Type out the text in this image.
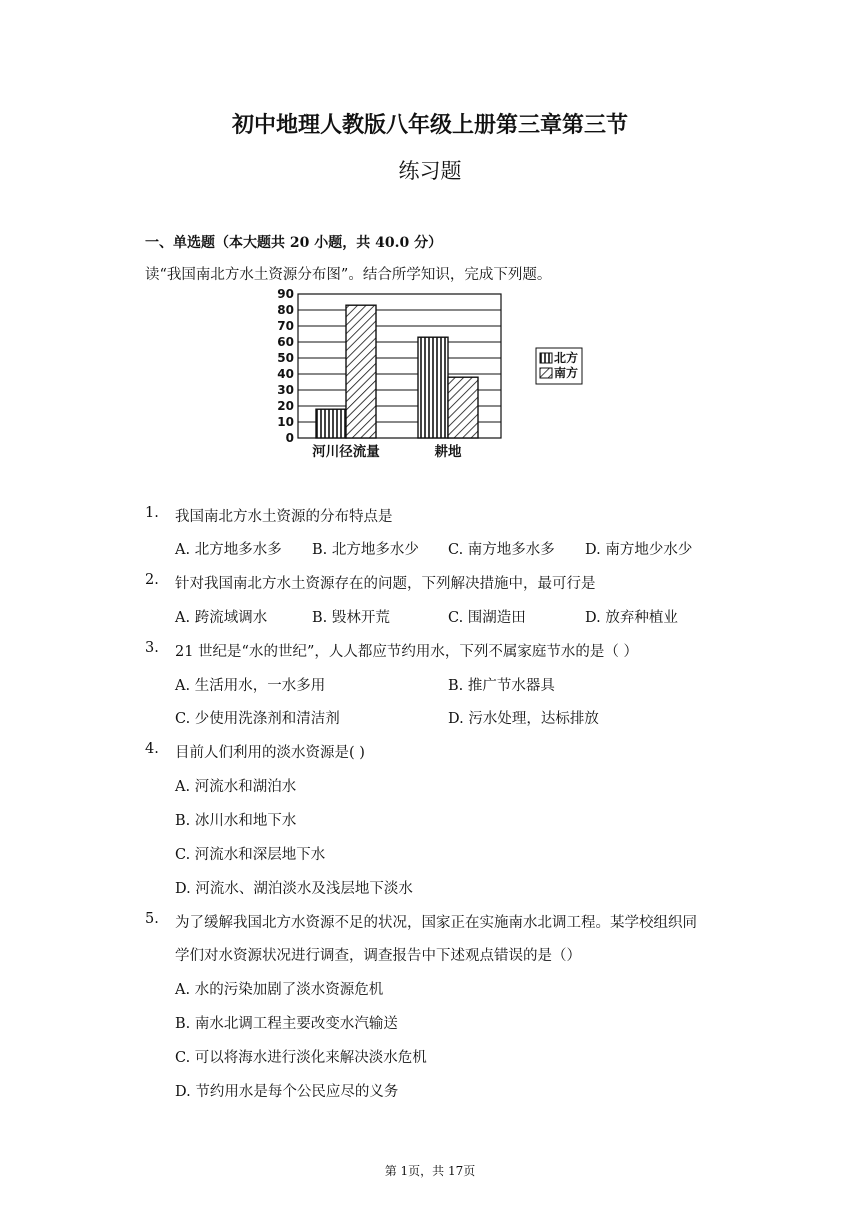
初中地理人教版八年级上册第三章第三节
练习题
一、单选题（本大题共 20 小题，共 40.0 分）
读“我国南北方水土资源分布图”。结合所学知识，完成下列题。
0
10
20
30
40
50
60
70
80
90
河川径流量	耕地
北方
南方
1.	我国南北方水土资源的分布特点是
A. 北方地多水多 B. 北方地多水少 C. 南方地多水多 D. 南方地少水少
2. 针对我国南北方水土资源存在的问题，下列解决措施中，最可行是
A. 跨流域调水	B. 毁林开荒	C. 围湖造田	D. 放弃种植业
3. 21 世纪是“水的世纪”，人人都应节约用水，下列不属家庭节水的是（ ）
A. 生活用水，一水多用	B. 推广节水器具
C. 少使用洗涤剂和清洁剂	D. 污水处理，达标排放
4. 目前人们利用的淡水资源是( )
A. 河流水和湖泊水
B. 冰川水和地下水
C. 河流水和深层地下水
D. 河流水、湖泊淡水及浅层地下淡水
5. 为了缓解我国北方水资源不足的状况，国家正在实施南水北调工程。某学校组织同
学们对水资源状况进行调查，调查报告中下述观点错误的是（）
A. 水的污染加剧了淡水资源危机
B. 南水北调工程主要改变水汽输送
C. 可以将海水进行淡化来解决淡水危机
D. 节约用水是每个公民应尽的义务
第 1页，共 17页
